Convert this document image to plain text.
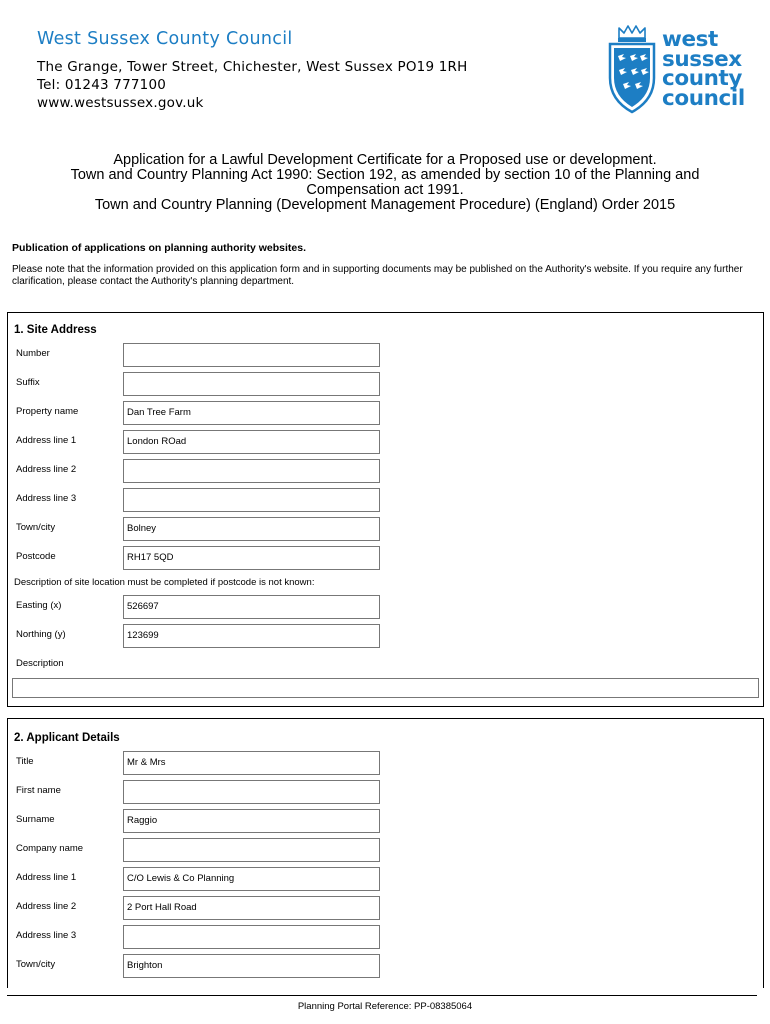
West Sussex County Council
The Grange, Tower Street, Chichester, West Sussex PO19 1RH
Tel: 01243 777100
www.westsussex.gov.uk
west
sussex
county
council
Application for a Lawful Development Certificate for a Proposed use or development.
Town and Country Planning Act 1990: Section 192, as amended by section 10 of the Planning and
Compensation act 1991.
Town and Country Planning (Development Management Procedure) (England) Order 2015
Publication of applications on planning authority websites.
Please note that the information provided on this application form and in supporting documents may be published on the Authority's website. If you require any further clarification, please contact the Authority's planning department.
1. Site Address
Number
Suffix
Property name	Dan Tree Farm
Address line 1	London ROad
Address line 2
Address line 3
Town/city	Bolney
Postcode	RH17 5QD
Description of site location must be completed if postcode is not known:
Easting (x)	526697
Northing (y)	123699
Description
2. Applicant Details
Title	Mr & Mrs
First name
Surname	Raggio
Company name
Address line 1	C/O Lewis & Co Planning
Address line 2	2 Port Hall Road
Address line 3
Town/city	Brighton
Planning Portal Reference: PP-08385064
